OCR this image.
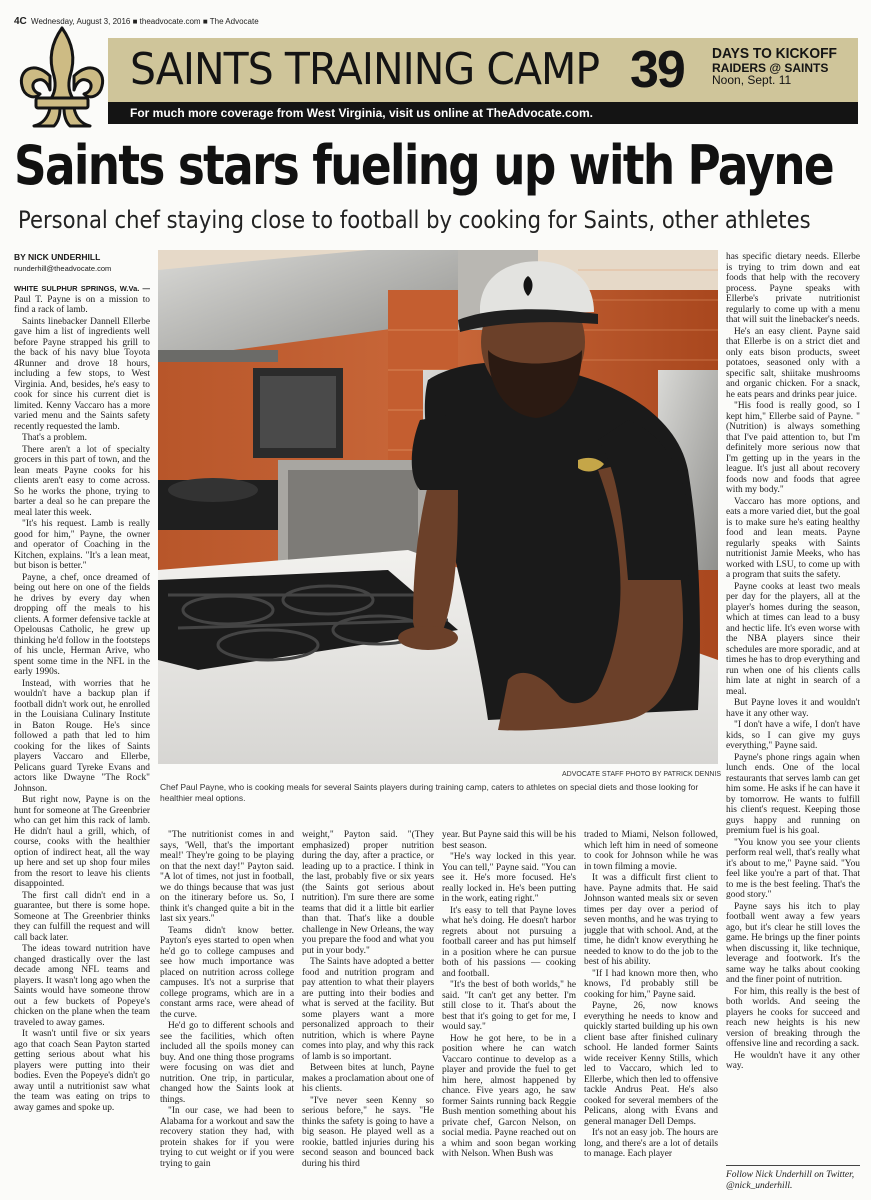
4C Wednesday, August 3, 2016 ■ theadvocate.com ■ The Advocate
SAINTS TRAINING CAMP 39 DAYS TO KICKOFF
RAIDERS @ SAINTS
Noon, Sept. 11
For much more coverage from West Virginia, visit us online at TheAdvocate.com.
Saints stars fueling up with Payne
Personal chef staying close to football by cooking for Saints, other athletes
ADVOCATE STAFF PHOTO BY PATRICK DENNIS
Chef Paul Payne, who is cooking meals for several Saints players during training camp, caters to athletes on special diets and those looking for healthier meal options.
BY NICK UNDERHILL
nunderhill@theadvocate.com

WHITE SULPHUR SPRINGS, W.Va. — Paul T. Payne is on a mission to find a rack of lamb.

Saints linebacker Dannell Ellerbe gave him a list of ingredients well before Payne strapped his grill to the back of his navy blue Toyota 4Runner and drove 18 hours, including a few stops, to West Virginia. And, besides, he's easy to cook for since his current diet is limited. Kenny Vaccaro has a more varied menu and the Saints safety recently requested the lamb.

That's a problem.

There aren't a lot of specialty grocers in this part of town, and the lean meats Payne cooks for his clients aren't easy to come across. So he works the phone, trying to barter a deal so he can prepare the meal later this week.

"It's his request. Lamb is really good for him," Payne, the owner and operator of Coaching in the Kitchen, explains. "It's a lean meat, but bison is better."

Payne, a chef, once dreamed of being out here on one of the fields he drives by every day when dropping off the meals to his clients. A former defensive tackle at Opelousas Catholic, he grew up thinking he'd follow in the footsteps of his uncle, Herman Arive, who spent some time in the NFL in the early 1990s.

Instead, with worries that he wouldn't have a backup plan if football didn't work out, he enrolled in the Louisiana Culinary Institute in Baton Rouge. He's since followed a path that led to him cooking for the likes of Saints players Vaccaro and Ellerbe, Pelicans guard Tyreke Evans and actors like Dwayne "The Rock" Johnson.

But right now, Payne is on the hunt for someone at The Greenbrier who can get him this rack of lamb. He didn't haul a grill, which, of course, cooks with the healthier option of indirect heat, all the way up here and set up shop four miles from the resort to leave his clients disappointed.

The first call didn't end in a guarantee, but there is some hope. Someone at The Greenbrier thinks they can fulfill the request and will call back later.

The ideas toward nutrition have changed drastically over the last decade among NFL teams and players. It wasn't long ago when the Saints would have someone throw out a few buckets of Popeye's chicken on the plane when the team traveled to away games.

It wasn't until five or six years ago that coach Sean Payton started getting serious about what his players were putting into their bodies. Even the Popeye's didn't go away until a nutritionist saw what the team was eating on trips to away games and spoke up.

"The nutritionist comes in and says, 'Well, that's the important meal!' They're going to be playing on that the next day!" Payton said. "A lot of times, not just in football, we do things because that was just on the itinerary before us. So, I think it's changed quite a bit in the last six years."

Teams didn't know better. Payton's eyes started to open when he'd go to college campuses and see how much importance was placed on nutrition across college campuses. It's not a surprise that college programs, which are in a constant arms race, were ahead of the curve.

He'd go to different schools and see the facilities, which often included all the spoils money can buy. And one thing those programs were focusing on was diet and nutrition. One trip, in particular, changed how the Saints look at things.

"In our case, we had been to Alabama for a workout and saw the recovery station they had, with protein shakes for if you were trying to cut weight or if you were trying to gain

weight," Payton said. "(They emphasized) proper nutrition during the day, after a practice, or leading up to a practice. I think in the last, probably five or six years (the Saints got serious about nutrition). I'm sure there are some teams that did it a little bit earlier than that. That's like a double challenge in New Orleans, the way you prepare the food and what you put in your body."

The Saints have adopted a better food and nutrition program and pay attention to what their players are putting into their bodies and what is served at the facility. But some players want a more personalized approach to their nutrition, which is where Payne comes into play, and why this rack of lamb is so important.

Between bites at lunch, Payne makes a proclamation about one of his clients.

"I've never seen Kenny so serious before," he says. "He thinks the safety is going to have a big season. He played well as a rookie, battled injuries during his second season and bounced back during his third

year. But Payne said this will be his best season.

"He's way locked in this year. You can tell," Payne said. "You can see it. He's more focused. He's really locked in. He's been putting in the work, eating right."

It's easy to tell that Payne loves what he's doing. He doesn't harbor regrets about not pursuing a football career and has put himself in a position where he can pursue both of his passions — cooking and football.

"It's the best of both worlds," he said. "It can't get any better. I'm still close to it. That's about the best that it's going to get for me, I would say."

How he got here, to be in a position where he can watch Vaccaro continue to develop as a player and provide the fuel to get him here, almost happened by chance. Five years ago, he saw former Saints running back Reggie Bush mention something about his private chef, Garcon Nelson, on social media. Payne reached out on a whim and soon began working with Nelson. When Bush was

traded to Miami, Nelson followed, which left him in need of someone to cook for Johnson while he was in town filming a movie.

It was a difficult first client to have. Payne admits that. He said Johnson wanted meals six or seven times per day over a period of seven months, and he was trying to juggle that with school. And, at the time, he didn't know everything he needed to know to do the job to the best of his ability.

"If I had known more then, who knows, I'd probably still be cooking for him," Payne said.

Payne, 26, now knows everything he needs to know and quickly started building up his own client base after finished culinary school. He landed former Saints wide receiver Kenny Stills, which led to Vaccaro, which led to Ellerbe, which then led to offensive tackle Andrus Peat. He's also cooked for several members of the Pelicans, along with Evans and general manager Dell Demps.

It's not an easy job. The hours are long, and there's are a lot of details to manage. Each player

has specific dietary needs. Ellerbe is trying to trim down and eat foods that help with the recovery process. Payne speaks with Ellerbe's private nutritionist regularly to come up with a menu that will suit the linebacker's needs.

He's an easy client. Payne said that Ellerbe is on a strict diet and only eats bison products, sweet potatoes, seasoned only with a specific salt, shiitake mushrooms and organic chicken. For a snack, he eats pears and drinks pear juice.

"His food is really good, so I kept him," Ellerbe said of Payne. "(Nutrition) is always something that I've paid attention to, but I'm definitely more serious now that I'm getting up in the years in the league. It's just all about recovery foods now and foods that agree with my body."

Vaccaro has more options, and eats a more varied diet, but the goal is to make sure he's eating healthy food and lean meats. Payne regularly speaks with Saints nutritionist Jamie Meeks, who has worked with LSU, to come up with a program that suits the safety.

Payne cooks at least two meals per day for the players, all at the player's homes during the season, which at times can lead to a busy and hectic life. It's even worse with the NBA players since their schedules are more sporadic, and at times he has to drop everything and run when one of his clients calls him late at night in search of a meal.

But Payne loves it and wouldn't have it any other way.

"I don't have a wife, I don't have kids, so I can give my guys everything," Payne said.

Payne's phone rings again when lunch ends. One of the local restaurants that serves lamb can get him some. He asks if he can have it by tomorrow. He wants to fulfill his client's request. Keeping those guys happy and running on premium fuel is his goal.

"You know you see your clients perform real well, that's really what it's about to me," Payne said. "You feel like you're a part of that. That to me is the best feeling. That's the good story."

Payne says his itch to play football went away a few years ago, but it's clear he still loves the game. He brings up the finer points when discussing it, like technique, leverage and footwork. It's the same way he talks about cooking and the finer point of nutrition.

For him, this really is the best of both worlds. And seeing the players he cooks for succeed and reach new heights is his new version of breaking through the offensive line and recording a sack.

He wouldn't have it any other way.

Follow Nick Underhill on Twitter, @nick_underhill.
